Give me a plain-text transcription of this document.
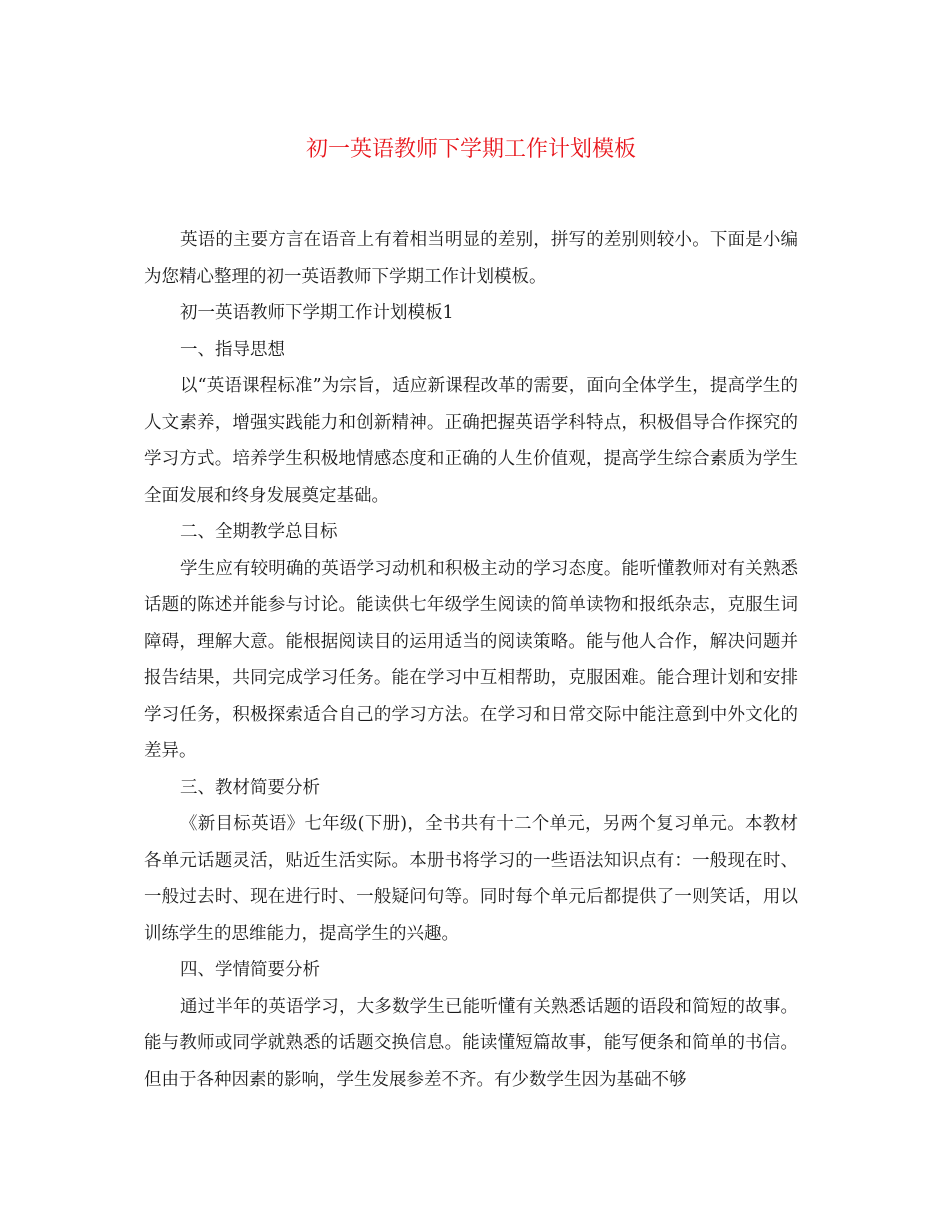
初一英语教师下学期工作计划模板

英语的主要方言在语音上有着相当明显的差别，拼写的差别则较小。下面是小编为您精心整理的初一英语教师下学期工作计划模板。

初一英语教师下学期工作计划模板1

一、指导思想

以“英语课程标准”为宗旨，适应新课程改革的需要，面向全体学生，提高学生的人文素养，增强实践能力和创新精神。正确把握英语学科特点，积极倡导合作探究的学习方式。培养学生积极地情感态度和正确的人生价值观，提高学生综合素质为学生全面发展和终身发展奠定基础。

二、全期教学总目标

学生应有较明确的英语学习动机和积极主动的学习态度。能听懂教师对有关熟悉话题的陈述并能参与讨论。能读供七年级学生阅读的简单读物和报纸杂志，克服生词障碍，理解大意。能根据阅读目的运用适当的阅读策略。能与他人合作，解决问题并报告结果，共同完成学习任务。能在学习中互相帮助，克服困难。能合理计划和安排学习任务，积极探索适合自己的学习方法。在学习和日常交际中能注意到中外文化的差异。

三、教材简要分析

《新目标英语》七年级(下册)，全书共有十二个单元，另两个复习单元。本教材各单元话题灵活，贴近生活实际。本册书将学习的一些语法知识点有：一般现在时、一般过去时、现在进行时、一般疑问句等。同时每个单元后都提供了一则笑话，用以训练学生的思维能力，提高学生的兴趣。

四、学情简要分析

通过半年的英语学习，大多数学生已能听懂有关熟悉话题的语段和简短的故事。能与教师或同学就熟悉的话题交换信息。能读懂短篇故事，能写便条和简单的书信。但由于各种因素的影响，学生发展参差不齐。有少数学生因为基础不够
